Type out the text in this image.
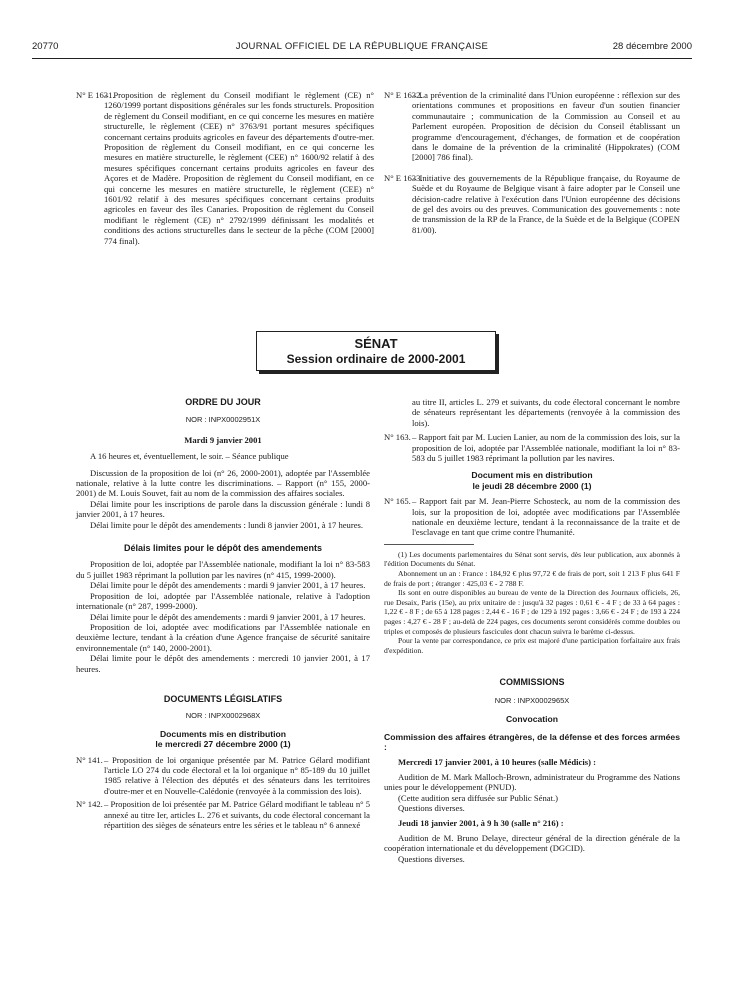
20770	JOURNAL OFFICIEL DE LA RÉPUBLIQUE FRANÇAISE	28 décembre 2000
N° E 1631.
– Proposition de règlement du Conseil modifiant le règlement (CE) n° 1260/1999 portant dispositions générales sur les fonds structurels. Proposition de règlement du Conseil modifiant, en ce qui concerne les mesures en matière structurelle, le règlement (CEE) n° 3763/91 portant mesures spécifiques concernant certains produits agricoles en faveur des départements d'outre-mer. Proposition de règlement du Conseil modifiant, en ce qui concerne les mesures en matière structurelle, le règlement (CEE) n° 1600/92 relatif à des mesures spécifiques concernant certains produits agricoles en faveur des Açores et de Madère. Proposition de règlement du Conseil modifiant, en ce qui concerne les mesures en matière structurelle, le règlement (CEE) n° 1601/92 relatif à des mesures spécifiques concernant certains produits agricoles en faveur des îles Canaries. Proposition de règlement du Conseil modifiant le règlement (CE) n° 2792/1999 définissant les modalités et conditions des actions structurelles dans le secteur de la pêche (COM [2000] 774 final).
N° E 1632.
– La prévention de la criminalité dans l'Union européenne : réflexion sur des orientations communes et propositions en faveur d'un soutien financier communautaire ; communication de la Commission au Conseil et au Parlement européen. Proposition de décision du Conseil établissant un programme d'encouragement, d'échanges, de formation et de coopération dans le domaine de la prévention de la criminalité (Hippokrates) (COM [2000] 786 final).
N° E 1633.
– Initiative des gouvernements de la République française, du Royaume de Suède et du Royaume de Belgique visant à faire adopter par le Conseil une décision-cadre relative à l'exécution dans l'Union européenne des décisions de gel des avoirs ou des preuves. Communication des gouvernements : note de transmission de la RP de la France, de la Suède et de la Belgique (COPEN 81/00).
SÉNAT
Session ordinaire de 2000-2001

ORDRE DU JOUR

NOR : INPX0002951X

Mardi 9 janvier 2001

A 16 heures et, éventuellement, le soir. – Séance publique

Discussion de la proposition de loi (n° 26, 2000-2001), adoptée par l'Assemblée nationale, relative à la lutte contre les discriminations. – Rapport (n° 155, 2000-2001) de M. Louis Souvet, fait au nom de la commission des affaires sociales.

Délai limite pour les inscriptions de parole dans la discussion générale : lundi 8 janvier 2001, à 17 heures.

Délai limite pour le dépôt des amendements : lundi 8 janvier 2001, à 17 heures.

Délais limites pour le dépôt des amendements

Proposition de loi, adoptée par l'Assemblée nationale, modifiant la loi n° 83-583 du 5 juillet 1983 réprimant la pollution par les navires (n° 415, 1999-2000).

Délai limite pour le dépôt des amendements : mardi 9 janvier 2001, à 17 heures.

Proposition de loi, adoptée par l'Assemblée nationale, relative à l'adoption internationale (n° 287, 1999-2000).

Délai limite pour le dépôt des amendements : mardi 9 janvier 2001, à 17 heures.

Proposition de loi, adoptée avec modifications par l'Assemblée nationale en deuxième lecture, tendant à la création d'une Agence française de sécurité sanitaire environnementale (n° 140, 2000-2001).

Délai limite pour le dépôt des amendements : mercredi 10 janvier 2001, à 17 heures.

DOCUMENTS LÉGISLATIFS

NOR : INPX0002968X

Documents mis en distribution

le mercredi 27 décembre 2000 (1)

N° 141. – Proposition de loi organique présentée par M. Patrice Gélard modifiant l'article LO 274 du code électoral et la loi organique n° 85-189 du 10 juillet 1985 relative à l'élection des députés et des sénateurs dans les territoires d'outre-mer et en Nouvelle-Calédonie (renvoyée à la commission des lois).
N° 142. – Proposition de loi présentée par M. Patrice Gélard modifiant le tableau n° 5 annexé au titre Ier, articles L. 276 et suivants, du code électoral concernant la répartition des sièges de sénateurs entre les séries et le tableau n° 6 annexé

au titre II, articles L. 279 et suivants, du code électoral concernant le nombre de sénateurs représentant les départements (renvoyée à la commission des lois).

N° 163. – Rapport fait par M. Lucien Lanier, au nom de la commission des lois, sur la proposition de loi, adoptée par l'Assemblée nationale, modifiant la loi n° 83-583 du 5 juillet 1983 réprimant la pollution par les navires.

Document mis en distribution

le jeudi 28 décembre 2000 (1)

N° 165. – Rapport fait par M. Jean-Pierre Schosteck, au nom de la commission des lois, sur la proposition de loi, adoptée avec modifications par l'Assemblée nationale en deuxième lecture, tendant à la reconnaissance de la traite et de l'esclavage en tant que crime contre l'humanité.

(1) Les documents parlementaires du Sénat sont servis, dès leur publication, aux abonnés à l'édition Documents du Sénat.

Abonnement un an : France : 184,92 € plus 97,72 € de frais de port, soit 1 213 F plus 641 F de frais de port ; étranger : 425,03 € - 2 788 F.

Ils sont en outre disponibles au bureau de vente de la Direction des Journaux officiels, 26, rue Desaix, Paris (15e), au prix unitaire de : jusqu'à 32 pages : 0,61 € - 4 F ; de 33 à 64 pages : 1,22 € - 8 F ; de 65 à 128 pages : 2,44 € - 16 F ; de 129 à 192 pages : 3,66 € - 24 F ; de 193 à 224 pages : 4,27 € - 28 F ; au-delà de 224 pages, ces documents seront considérés comme doubles ou triples et composés de plusieurs fascicules dont chacun suivra le barème ci-dessus.

Pour la vente par correspondance, ce prix est majoré d'une participation forfaitaire aux frais d'expédition.

COMMISSIONS

NOR : INPX0002965X

Convocation

Commission des affaires étrangères, de la défense et des forces armées :

Mercredi 17 janvier 2001, à 10 heures (salle Médicis) :

Audition de M. Mark Malloch-Brown, administrateur du Programme des Nations unies pour le développement (PNUD).

(Cette audition sera diffusée sur Public Sénat.)

Questions diverses.

Jeudi 18 janvier 2001, à 9 h 30 (salle n° 216) :

Audition de M. Bruno Delaye, directeur général de la direction générale de la coopération internationale et du développement (DGCID).

Questions diverses.
